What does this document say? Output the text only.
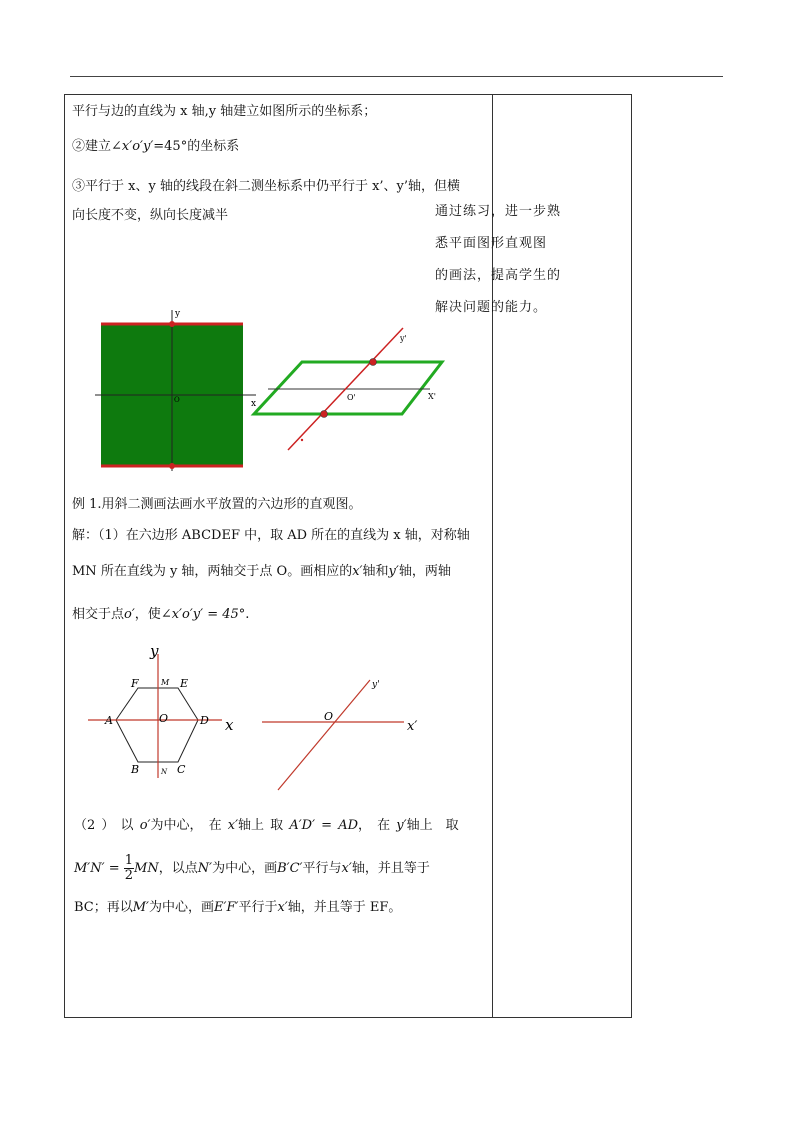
平行与边的直线为 x 轴,y 轴建立如图所示的坐标系；
②建立∠x′o′y′=45°的坐标系
③平行于 x、y 轴的线段在斜二测坐标系中仍平行于 x’、y’轴，但横
向长度不变，纵向长度减半
y
x
O
y'
O'	X'
例 1.用斜二测画法画水平放置的六边形的直观图。
解：（1）在六边形 ABCDEF 中，取 AD 所在的直线为 x 轴，对称轴
MN 所在直线为 y 轴，两轴交于点 O。画相应的x′轴和y′轴，两轴
相交于点o′，使∠x′o′y′ = 45°.
y
x
A	D
F	E
B	C
M
N
O	O
x′
y'
（2 ） 以 o′为中心， 在 x′轴上 取 A′D′ = AD， 在 y′轴上　取
$M'N' = \frac{1}{2}$ MN，以点N′为中心，画B′C′平行与x′轴，并且等于
BC；再以M′为中心，画E′F′平行于x′轴，并且等于 EF。
通过练习，进一步熟
悉平面图形直观图
的画法，提高学生的
解决问题的能力。
